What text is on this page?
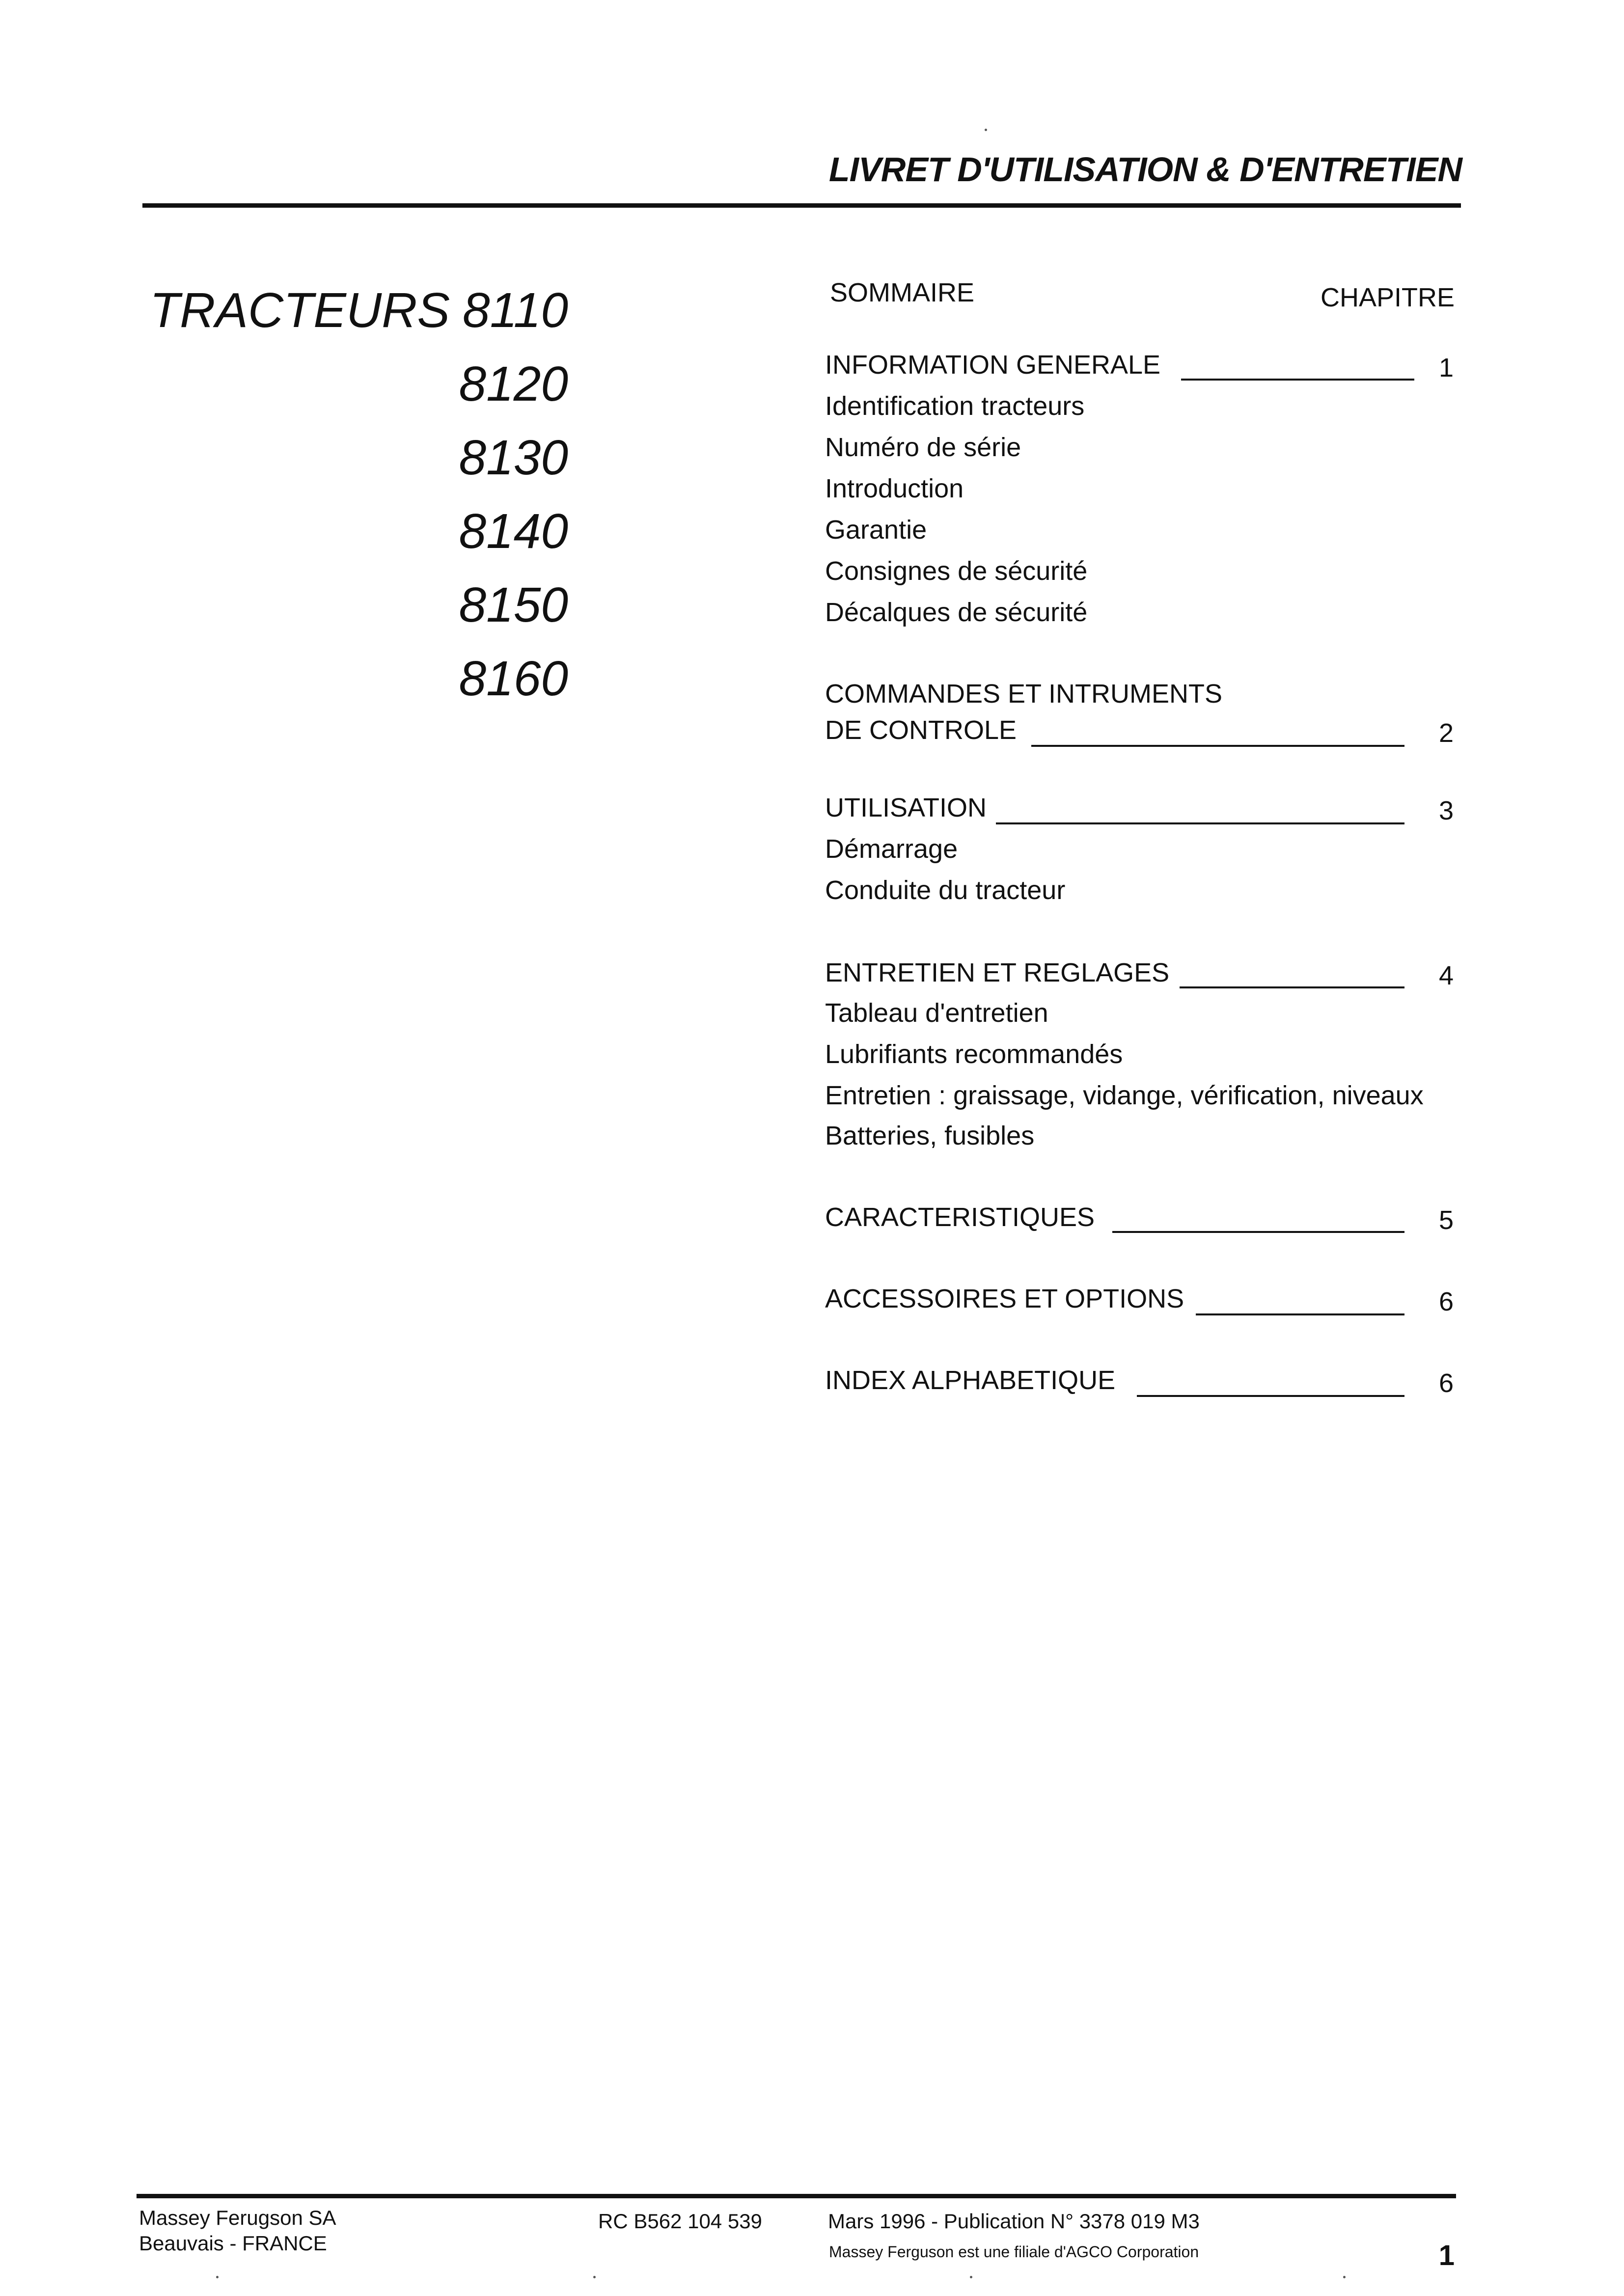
LIVRET D'UTILISATION & D'ENTRETIEN
TRACTEURS 8110
8120
8130
8140
8150
8160
SOMMAIRE	CHAPITRE
INFORMATION GENERALE	1
Identification tracteurs
Numéro de série
Introduction
Garantie
Consignes de sécurité
Décalques de sécurité
COMMANDES ET INTRUMENTS
DE CONTROLE	2
UTILISATION	3
Démarrage
Conduite du tracteur
ENTRETIEN ET REGLAGES	4
Tableau d'entretien
Lubrifiants recommandés
Entretien : graissage, vidange, vérification, niveaux
Batteries, fusibles
CARACTERISTIQUES	5
ACCESSOIRES ET OPTIONS	6
INDEX ALPHABETIQUE	6
Massey Ferugson SA
Beauvais - FRANCE
RC B562 104 539	Mars 1996 - Publication N° 3378 019 M3
Massey Ferguson est une filiale d'AGCO Corporation	1
